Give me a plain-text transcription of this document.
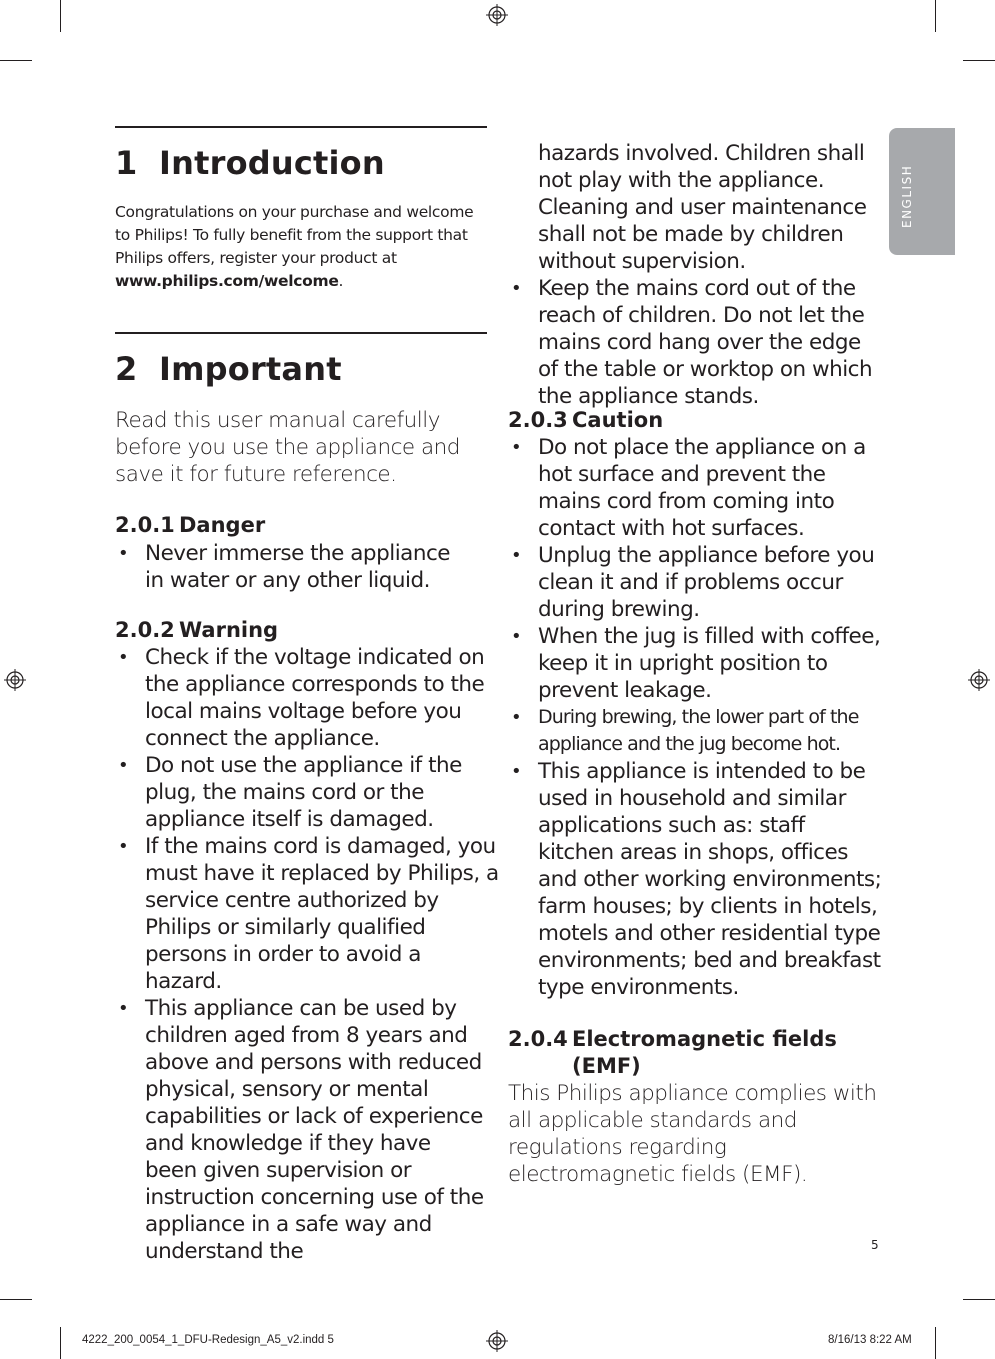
ENGLISH
1 Introduction
Congratulations on your purchase and welcome to Philips! To fully benefit from the support that Philips offers, register your product at www.philips.com/welcome.
2 Important
Read this user manual carefully before you use the appliance and save it for future reference.
2.0.1 Danger
• Never immerse the appliance in water or any other liquid.
2.0.2 Warning
• Check if the voltage indicated on the appliance corresponds to the local mains voltage before you connect the appliance.
• Do not use the appliance if the plug, the mains cord or the appliance itself is damaged.
• If the mains cord is damaged, you must have it replaced by Philips, a service centre authorized by Philips or similarly qualified persons in order to avoid a hazard.
• This appliance can be used by children aged from 8 years and above and persons with reduced physical, sensory or mental capabilities or lack of experience and knowledge if they have been given supervision or instruction concerning use of the appliance in a safe way and understand the
hazards involved. Children shall not play with the appliance. Cleaning and user maintenance shall not be made by children without supervision.
• Keep the mains cord out of the reach of children. Do not let the mains cord hang over the edge of the table or worktop on which the appliance stands.
2.0.3 Caution
• Do not place the appliance on a hot surface and prevent the mains cord from coming into contact with hot surfaces.
• Unplug the appliance before you clean it and if problems occur during brewing.
• When the jug is filled with coffee, keep it in upright position to prevent leakage.
• During brewing, the lower part of the appliance and the jug become hot.
• This appliance is intended to be used in household and similar applications such as: staff kitchen areas in shops, offices and other working environments; farm houses; by clients in hotels, motels and other residential type environments; bed and breakfast type environments.
2.0.4 Electromagnetic fields
(EMF)
This Philips appliance complies with all applicable standards and regulations regarding electromagnetic fields (EMF).
5
4222_200_0054_1_DFU-Redesign_A5_v2.indd 5	8/16/13 8:22 AM
